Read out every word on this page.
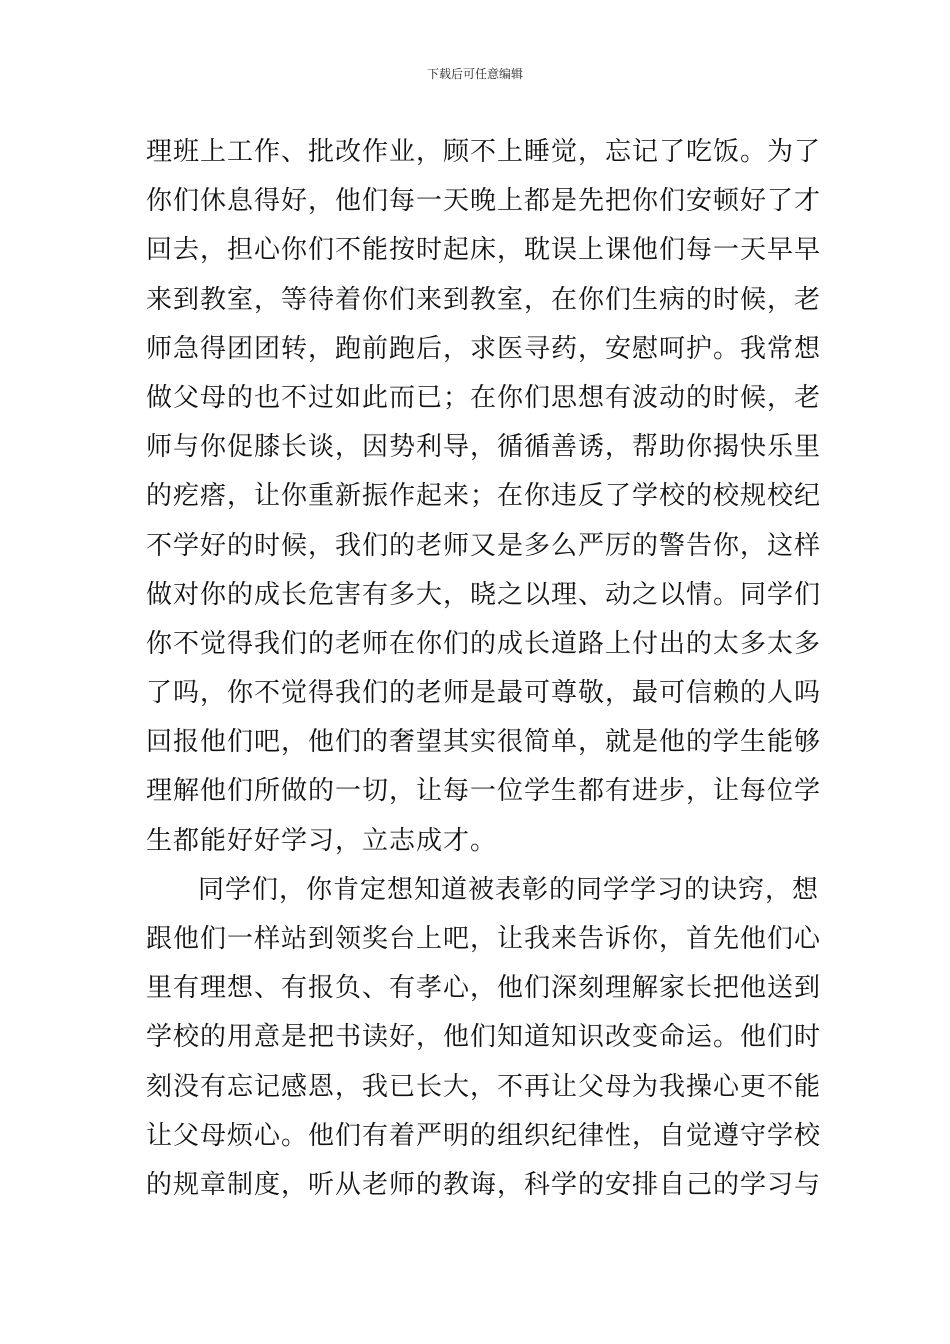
下载后可任意编辑
理班上工作、批改作业，顾不上睡觉，忘记了吃饭。为了
你们休息得好，他们每一天晚上都是先把你们安顿好了才
回去，担心你们不能按时起床，耽误上课他们每一天早早
来到教室，等待着你们来到教室，在你们生病的时候，老
师急得团团转，跑前跑后，求医寻药，安慰呵护。我常想
做父母的也不过如此而已；在你们思想有波动的时候，老
师与你促膝长谈，因势利导，循循善诱，帮助你揭快乐里
的疙瘩，让你重新振作起来；在你违反了学校的校规校纪
不学好的时候，我们的老师又是多么严厉的警告你，这样
做对你的成长危害有多大，晓之以理、动之以情。同学们
你不觉得我们的老师在你们的成长道路上付出的太多太多
了吗，你不觉得我们的老师是最可尊敬，最可信赖的人吗
回报他们吧，他们的奢望其实很简单，就是他的学生能够
理解他们所做的一切，让每一位学生都有进步，让每位学
生都能好好学习，立志成才。
同学们，你肯定想知道被表彰的同学学习的诀窍，想
跟他们一样站到领奖台上吧，让我来告诉你，首先他们心
里有理想、有报负、有孝心，他们深刻理解家长把他送到
学校的用意是把书读好，他们知道知识改变命运。他们时
刻没有忘记感恩，我已长大，不再让父母为我操心更不能
让父母烦心。他们有着严明的组织纪律性，自觉遵守学校
的规章制度，听从老师的教诲，科学的安排自己的学习与
